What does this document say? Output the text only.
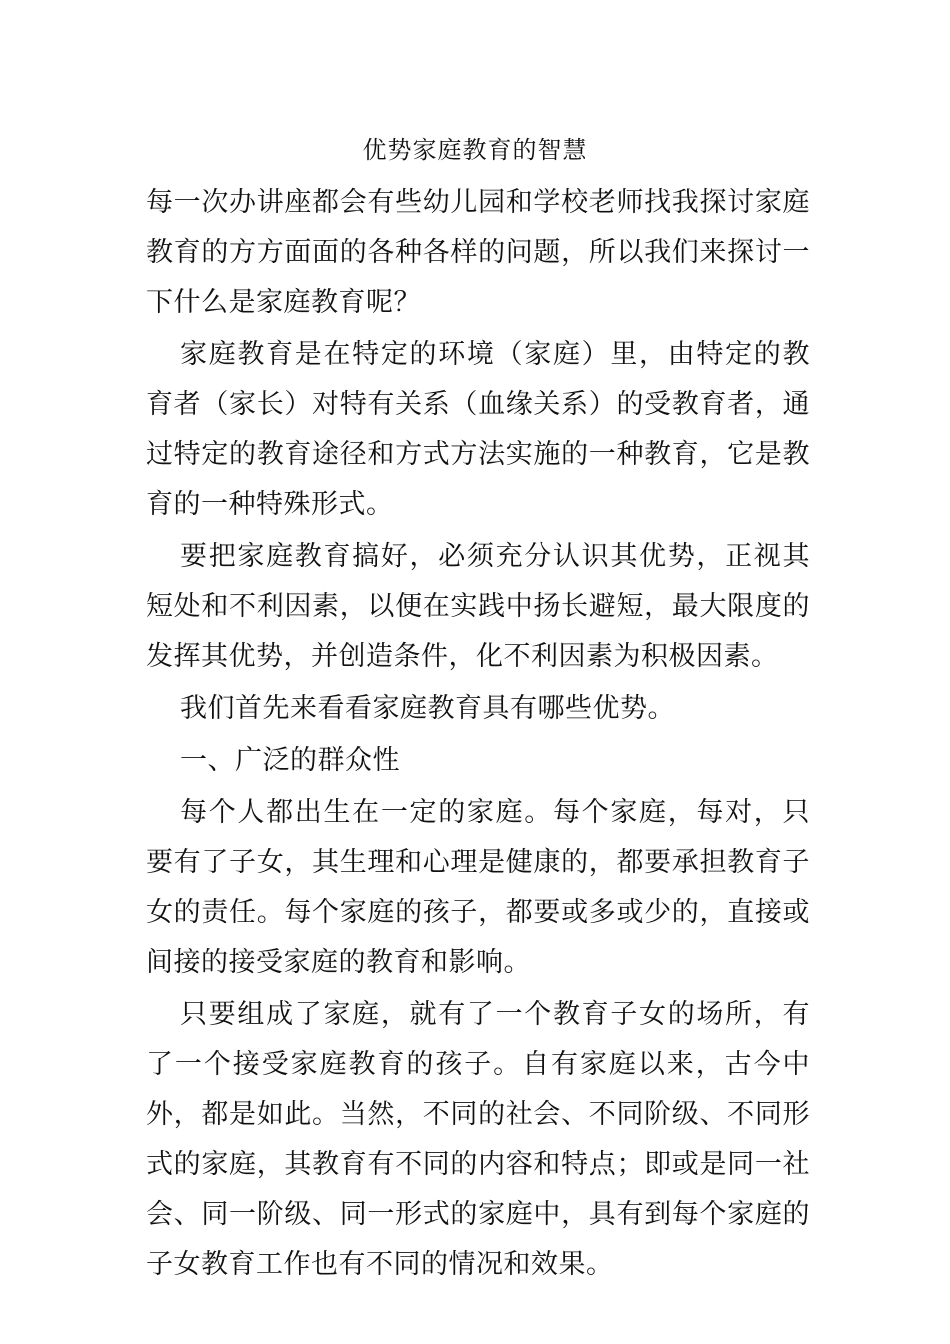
优势家庭教育的智慧

每一次办讲座都会有些幼儿园和学校老师找我探讨家庭教育的方方面面的各种各样的问题，所以我们来探讨一下什么是家庭教育呢？

家庭教育是在特定的环境（家庭）里，由特定的教育者（家长）对特有关系（血缘关系）的受教育者，通过特定的教育途径和方式方法实施的一种教育，它是教育的一种特殊形式。

要把家庭教育搞好，必须充分认识其优势，正视其短处和不利因素，以便在实践中扬长避短，最大限度的发挥其优势，并创造条件，化不利因素为积极因素。

我们首先来看看家庭教育具有哪些优势。

一、广泛的群众性

每个人都出生在一定的家庭。每个家庭，每对，只要有了子女，其生理和心理是健康的，都要承担教育子女的责任。每个家庭的孩子，都要或多或少的，直接或间接的接受家庭的教育和影响。

只要组成了家庭，就有了一个教育子女的场所，有了一个接受家庭教育的孩子。自有家庭以来，古今中外，都是如此。当然，不同的社会、不同阶级、不同形式的家庭，其教育有不同的内容和特点；即或是同一社会、同一阶级、同一形式的家庭中，具有到每个家庭的子女教育工作也有不同的情况和效果。
